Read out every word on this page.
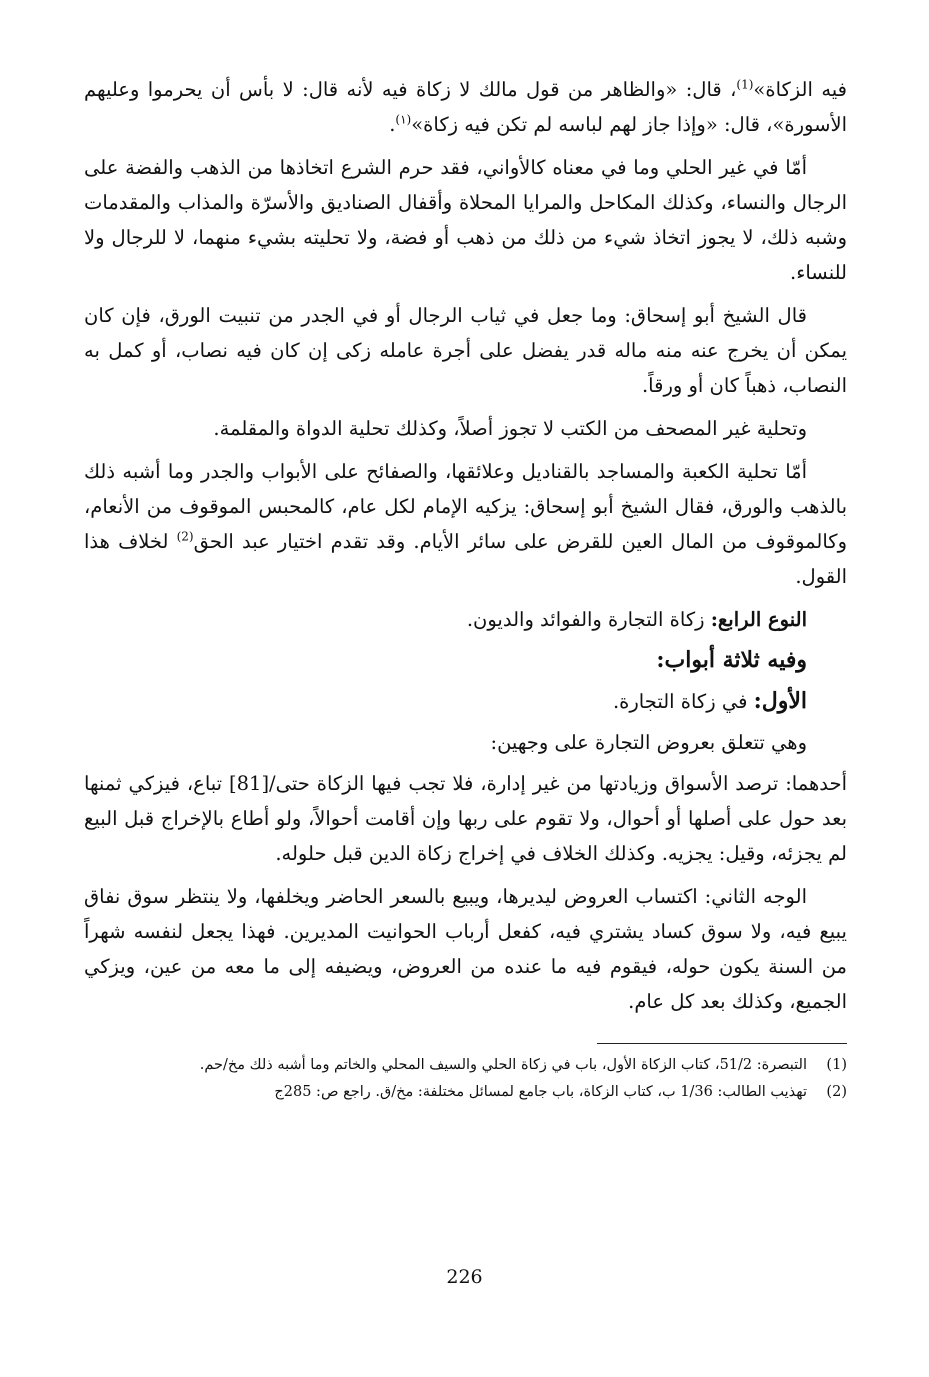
فيه الزكاة»$^{(1)}$، قال: «والظاهر من قول مالك لا زكاة فيه لأنه قال: لا بأس أن يحرموا وعليهم الأسورة»، قال: «وإذا جاز لهم لباسه لم تكن فيه زكاة»$^{(١)}$.

أمّا في غير الحلي وما في معناه كالأواني، فقد حرم الشرع اتخاذها من الذهب والفضة على الرجال والنساء، وكذلك المكاحل والمرايا المحلاة وأقفال الصناديق والأسرّة والمذاب والمقدمات وشبه ذلك، لا يجوز اتخاذ شيء من ذلك من ذهب أو فضة، ولا تحليته بشيء منهما، لا للرجال ولا للنساء.

قال الشيخ أبو إسحاق: وما جعل في ثياب الرجال أو في الجدر من تنبيت الورق، فإن كان يمكن أن يخرج عنه منه ماله قدر يفضل على أجرة عامله زكى إن كان فيه نصاب، أو كمل به النصاب، ذهباً كان أو ورقاً.

وتحلية غير المصحف من الكتب لا تجوز أصلاً، وكذلك تحلية الدواة والمقلمة.

أمّا تحلية الكعبة والمساجد بالقناديل وعلائقها، والصفائح على الأبواب والجدر وما أشبه ذلك بالذهب والورق، فقال الشيخ أبو إسحاق: يزكيه الإمام لكل عام، كالمحبس الموقوف من الأنعام، وكالموقوف من المال العين للقرض على سائر الأيام. وقد تقدم اختيار عبد الحق$^{(2)}$ لخلاف هذا القول.

النوع الرابع: زكاة التجارة والفوائد والديون.

وفيه ثلاثة أبواب:

الأول: في زكاة التجارة.

وهي تتعلق بعروض التجارة على وجهين:

أحدهما: ترصد الأسواق وزيادتها من غير إدارة، فلا تجب فيها الزكاة حتى/[81] تباع، فيزكي ثمنها بعد حول على أصلها أو أحوال، ولا تقوم على ربها وإن أقامت أحوالاً، ولو أطاع بالإخراج قبل البيع لم يجزئه، وقيل: يجزيه. وكذلك الخلاف في إخراج زكاة الدين قبل حلوله.

الوجه الثاني: اكتساب العروض ليديرها، ويبيع بالسعر الحاضر ويخلفها، ولا ينتظر سوق نفاق يبيع فيه، ولا سوق كساد يشتري فيه، كفعل أرباب الحوانيت المديرين. فهذا يجعل لنفسه شهراً من السنة يكون حوله، فيقوم فيه ما عنده من العروض، ويضيفه إلى ما معه من عين، ويزكي الجميع، وكذلك بعد كل عام.

(1)
التبصرة: 51/2، كتاب الزكاة الأول، باب في زكاة الحلي والسيف المحلي والخاتم وما أشبه ذلك مخ/حم.
(2)
تهذيب الطالب: 1/36 ب، كتاب الزكاة، باب جامع لمسائل مختلفة: مخ/ق. راجع ص: 285ج
226
